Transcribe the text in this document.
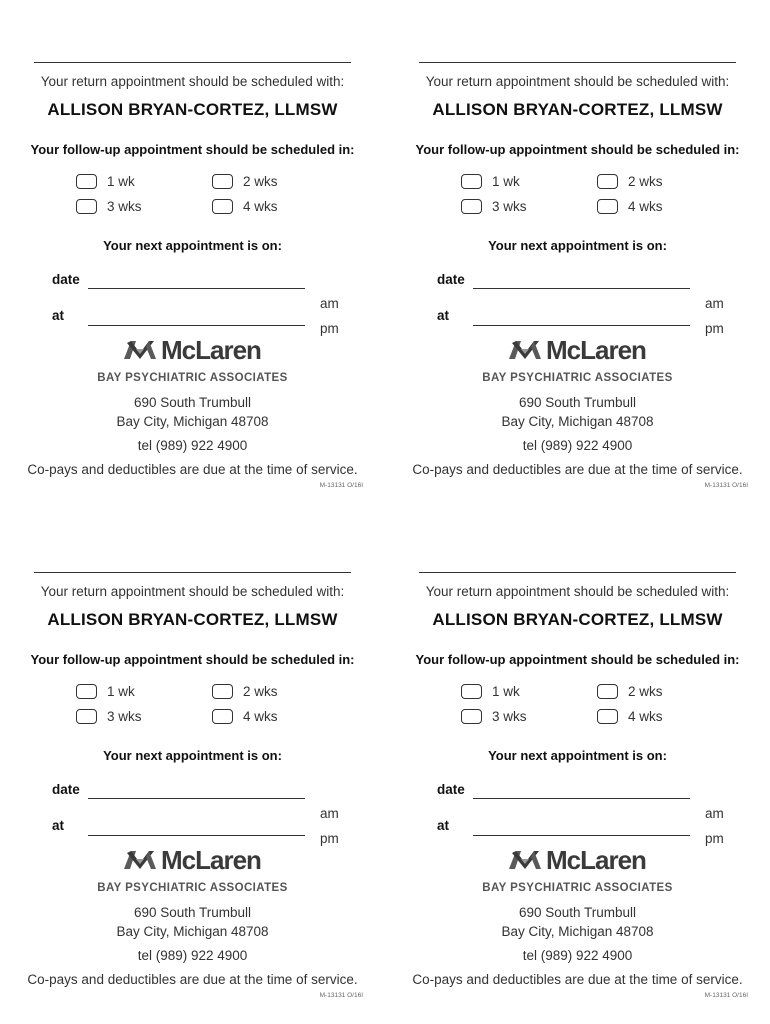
Your return appointment should be scheduled with:
ALLISON BRYAN-CORTEZ, LLMSW
Your follow-up appointment should be scheduled in:
1 wk	2 wks
3 wks	4 wks
Your next appointment is on:
date
at
am
pm
McLaren
BAY PSYCHIATRIC ASSOCIATES
690 South Trumbull
Bay City, Michigan 48708
tel (989) 922 4900
Co-pays and deductibles are due at the time of service.
M-13131 O/16I
Your return appointment should be scheduled with:
ALLISON BRYAN-CORTEZ, LLMSW
Your follow-up appointment should be scheduled in:
1 wk	2 wks
3 wks	4 wks
Your next appointment is on:
date
at
am
pm
McLaren
BAY PSYCHIATRIC ASSOCIATES
690 South Trumbull
Bay City, Michigan 48708
tel (989) 922 4900
Co-pays and deductibles are due at the time of service.
M-13131 O/16I
Your return appointment should be scheduled with:
ALLISON BRYAN-CORTEZ, LLMSW
Your follow-up appointment should be scheduled in:
1 wk	2 wks
3 wks	4 wks
Your next appointment is on:
date
at
am
pm
McLaren
BAY PSYCHIATRIC ASSOCIATES
690 South Trumbull
Bay City, Michigan 48708
tel (989) 922 4900
Co-pays and deductibles are due at the time of service.
M-13131 O/16I
Your return appointment should be scheduled with:
ALLISON BRYAN-CORTEZ, LLMSW
Your follow-up appointment should be scheduled in:
1 wk	2 wks
3 wks	4 wks
Your next appointment is on:
date
at
am
pm
McLaren
BAY PSYCHIATRIC ASSOCIATES
690 South Trumbull
Bay City, Michigan 48708
tel (989) 922 4900
Co-pays and deductibles are due at the time of service.
M-13131 O/16I
